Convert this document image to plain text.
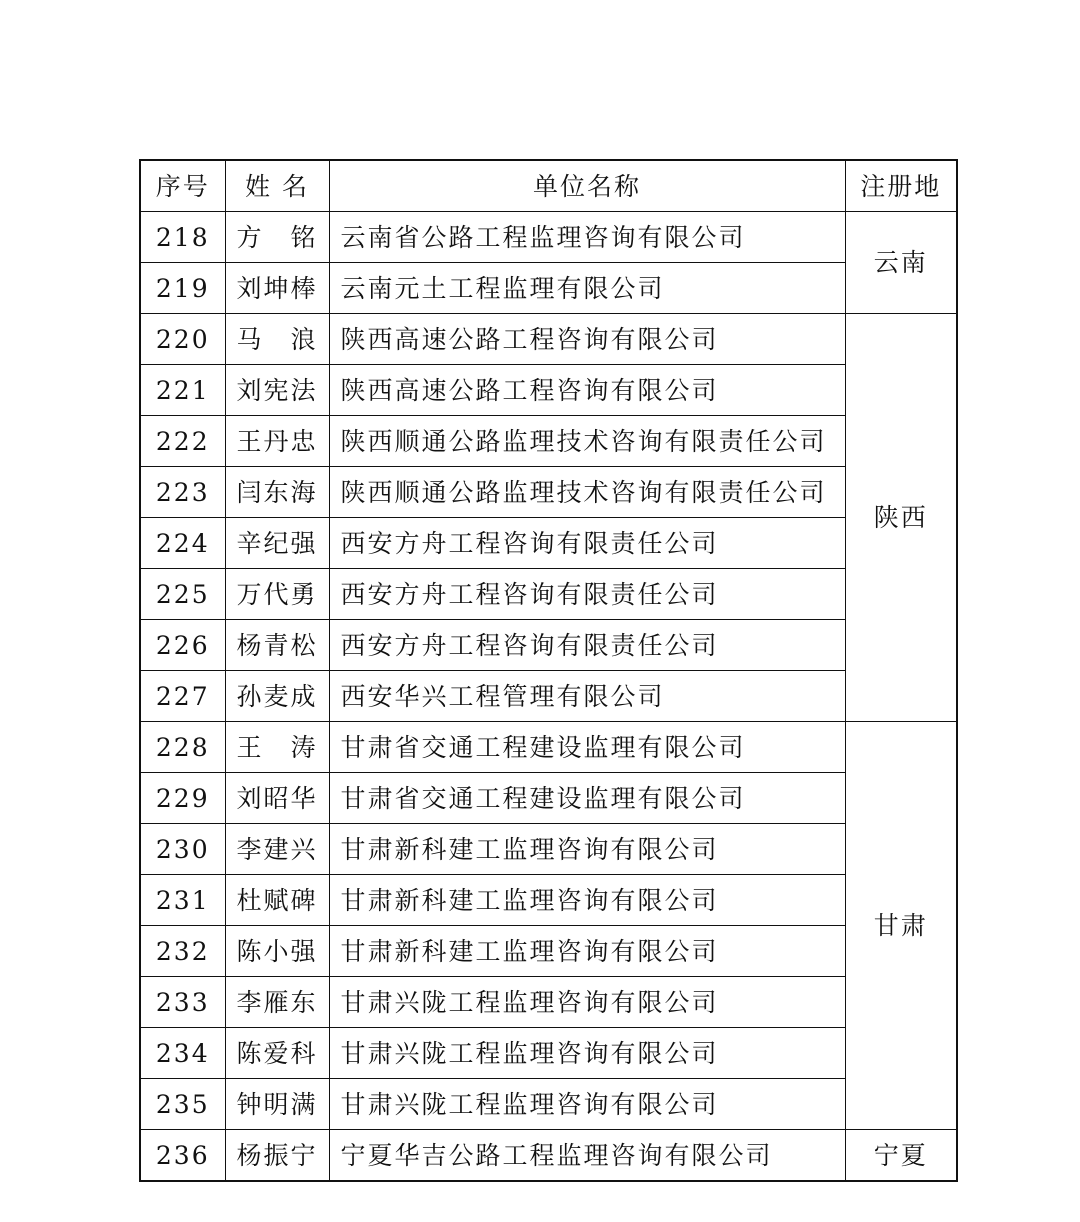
序号	姓 名	单位名称	注册地
218	方　铭	云南省公路工程监理咨询有限公司	云南
219	刘坤棒	云南元土工程监理有限公司	
220	马　浪	陕西高速公路工程咨询有限公司	陕西
221	刘宪法	陕西高速公路工程咨询有限公司	
222	王丹忠	陕西顺通公路监理技术咨询有限责任公司	
223	闫东海	陕西顺通公路监理技术咨询有限责任公司	
224	辛纪强	西安方舟工程咨询有限责任公司	
225	万代勇	西安方舟工程咨询有限责任公司	
226	杨青松	西安方舟工程咨询有限责任公司	
227	孙麦成	西安华兴工程管理有限公司	
228	王　涛	甘肃省交通工程建设监理有限公司	甘肃
229	刘昭华	甘肃省交通工程建设监理有限公司	
230	李建兴	甘肃新科建工监理咨询有限公司	
231	杜赋碑	甘肃新科建工监理咨询有限公司	
232	陈小强	甘肃新科建工监理咨询有限公司	
233	李雁东	甘肃兴陇工程监理咨询有限公司	
234	陈爱科	甘肃兴陇工程监理咨询有限公司	
235	钟明满	甘肃兴陇工程监理咨询有限公司	
236	杨振宁	宁夏华吉公路工程监理咨询有限公司	宁夏
